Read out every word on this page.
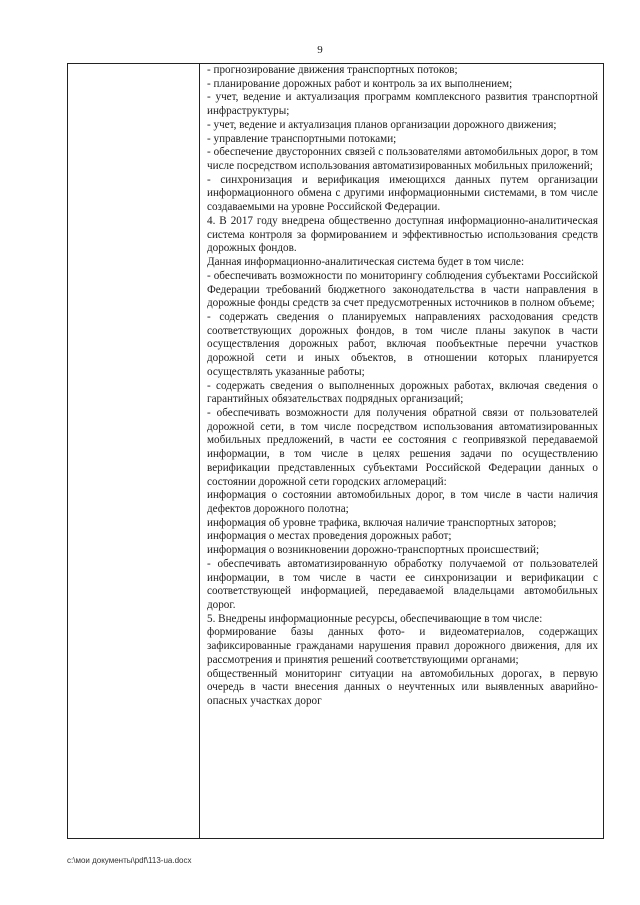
9

- прогнозирование движения транспортных потоков;

- планирование дорожных работ и контроль за их выполнением;

- учет, ведение и актуализация программ комплексного развития транспортной инфраструктуры;

- учет, ведение и актуализация планов организации дорожного движения;

- управление транспортными потоками;

- обеспечение двусторонних связей с пользователями автомобильных дорог, в том числе посредством использования автоматизированных мобильных приложений;

- синхронизация и верификация имеющихся данных путем организации информационного обмена с другими информационными системами, в том числе создаваемыми на уровне Российской Федерации.

4. В 2017 году внедрена общественно доступная информационно-аналитическая система контроля за формированием и эффективностью использования средств дорожных фондов.

Данная информационно-аналитическая система будет в том числе:

- обеспечивать возможности по мониторингу соблюдения субъектами Российской Федерации требований бюджетного законодательства в части направления в дорожные фонды средств за счет предусмотренных источников в полном объеме;

- содержать сведения о планируемых направлениях расходования средств соответствующих дорожных фондов, в том числе планы закупок в части осуществления дорожных работ, включая пообъектные перечни участков дорожной сети и иных объектов, в отношении которых планируется осуществлять указанные работы;

- содержать сведения о выполненных дорожных работах, включая сведения о гарантийных обязательствах подрядных организаций;

- обеспечивать возможности для получения обратной связи от пользователей дорожной сети, в том числе посредством использования автоматизированных мобильных предложений, в части ее состояния с геопривязкой передаваемой информации, в том числе в целях решения задачи по осуществлению верификации представленных субъектами Российской Федерации данных о состоянии дорожной сети городских агломераций:

информация о состоянии автомобильных дорог, в том числе в части наличия дефектов дорожного полотна;

информация об уровне трафика, включая наличие транспортных заторов;

информация о местах проведения дорожных работ;

информация о возникновении дорожно-транспортных происшествий;

- обеспечивать автоматизированную обработку получаемой от пользователей информации, в том числе в части ее синхронизации и верификации с соответствующей информацией, передаваемой владельцами автомобильных дорог.

5. Внедрены информационные ресурсы, обеспечивающие в том числе:

формирование базы данных фото- и видеоматериалов, содержащих зафиксированные гражданами нарушения правил дорожного движения, для их рассмотрения и принятия решений соответствующими органами;

общественный мониторинг ситуации на автомобильных дорогах, в первую очередь в части внесения данных о неучтенных или выявленных аварийно-опасных участках дорог

c:\мои документы\pdf\113-ua.docx
